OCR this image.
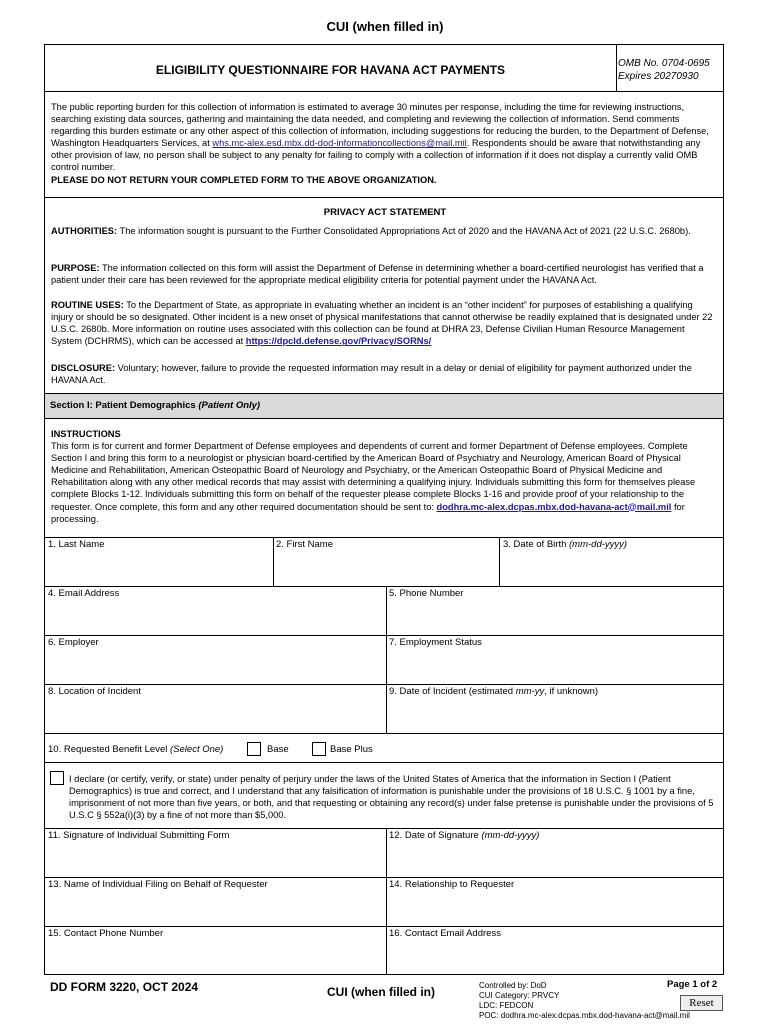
CUI (when filled in)
ELIGIBILITY QUESTIONNAIRE FOR HAVANA ACT PAYMENTS	OMB No. 0704-0695
Expires 20270930
The public reporting burden for this collection of information is estimated to average 30 minutes per response, including the time for reviewing instructions, searching existing data sources, gathering and maintaining the data needed, and completing and reviewing the collection of information. Send comments regarding this burden estimate or any other aspect of this collection of information, including suggestions for reducing the burden, to the Department of Defense, Washington Headquarters Services, at whs.mc-alex.esd.mbx.dd-dod-informationcollections@mail.mil. Respondents should be aware that notwithstanding any other provision of law, no person shall be subject to any penalty for failing to comply with a collection of information if it does not display a currently valid OMB control number.
PLEASE DO NOT RETURN YOUR COMPLETED FORM TO THE ABOVE ORGANIZATION.
PRIVACY ACT STATEMENT
AUTHORITIES: The information sought is pursuant to the Further Consolidated Appropriations Act of 2020 and the HAVANA Act of 2021 (22 U.S.C. 2680b).
PURPOSE: The information collected on this form will assist the Department of Defense in determining whether a board-certified neurologist has verified that a patient under their care has been reviewed for the appropriate medical eligibility criteria for potential payment under the HAVANA Act.
ROUTINE USES: To the Department of State, as appropriate in evaluating whether an incident is an “other incident” for purposes of establishing a qualifying injury or should be so designated. Other incident is a new onset of physical manifestations that cannot otherwise be readily explained that is designated under 22 U.S.C. 2680b. More information on routine uses associated with this collection can be found at DHRA 23, Defense Civilian Human Resource Management System (DCHRMS), which can be accessed at https://dpcld.defense.gov/Privacy/SORNs/
DISCLOSURE: Voluntary; however, failure to provide the requested information may result in a delay or denial of eligibility for payment authorized under the HAVANA Act.
Section I: Patient Demographics (Patient Only)
INSTRUCTIONS
This form is for current and former Department of Defense employees and dependents of current and former Department of Defense employees. Complete Section I and bring this form to a neurologist or physician board-certified by the American Board of Psychiatry and Neurology, American Board of Physical Medicine and Rehabilitation, American Osteopathic Board of Neurology and Psychiatry, or the American Osteopathic Board of Physical Medicine and Rehabilitation along with any other medical records that may assist with determining a qualifying injury. Individuals submitting this form for themselves please complete Blocks 1-12. Individuals submitting this form on behalf of the requester please complete Blocks 1-16 and provide proof of your relationship to the requester. Once complete, this form and any other required documentation should be sent to: dodhra.mc-alex.dcpas.mbx.dod-havana-act@mail.mil for processing.
1. Last Name	2. First Name	3. Date of Birth (mm-dd-yyyy)
4. Email Address	5. Phone Number
6. Employer	7. Employment Status
8. Location of Incident	9. Date of Incident (estimated mm-yy, if unknown)
10. Requested Benefit Level (Select One)	Base	Base Plus
I declare (or certify, verify, or state) under penalty of perjury under the laws of the United States of America that the information in Section I (Patient Demographics) is true and correct, and I understand that any falsification of information is punishable under the provisions of 18 U.S.C. § 1001 by a fine, imprisonment of not more than five years, or both, and that requesting or obtaining any record(s) under false pretense is punishable under the provisions of 5 U.S.C § 552a(i)(3) by a fine of not more than $5,000.
11. Signature of Individual Submitting Form	12. Date of Signature (mm-dd-yyyy)
13. Name of Individual Filing on Behalf of Requester	14. Relationship to Requester
15. Contact Phone Number	16. Contact Email Address
DD FORM 3220, OCT 2024	CUI (when filled in)	Controlled by: DoD
CUI Category: PRVCY
LDC: FEDCON
POC: dodhra.mc-alex.dcpas.mbx.dod-havana-act@mail.mil
Page 1 of 2
Reset
